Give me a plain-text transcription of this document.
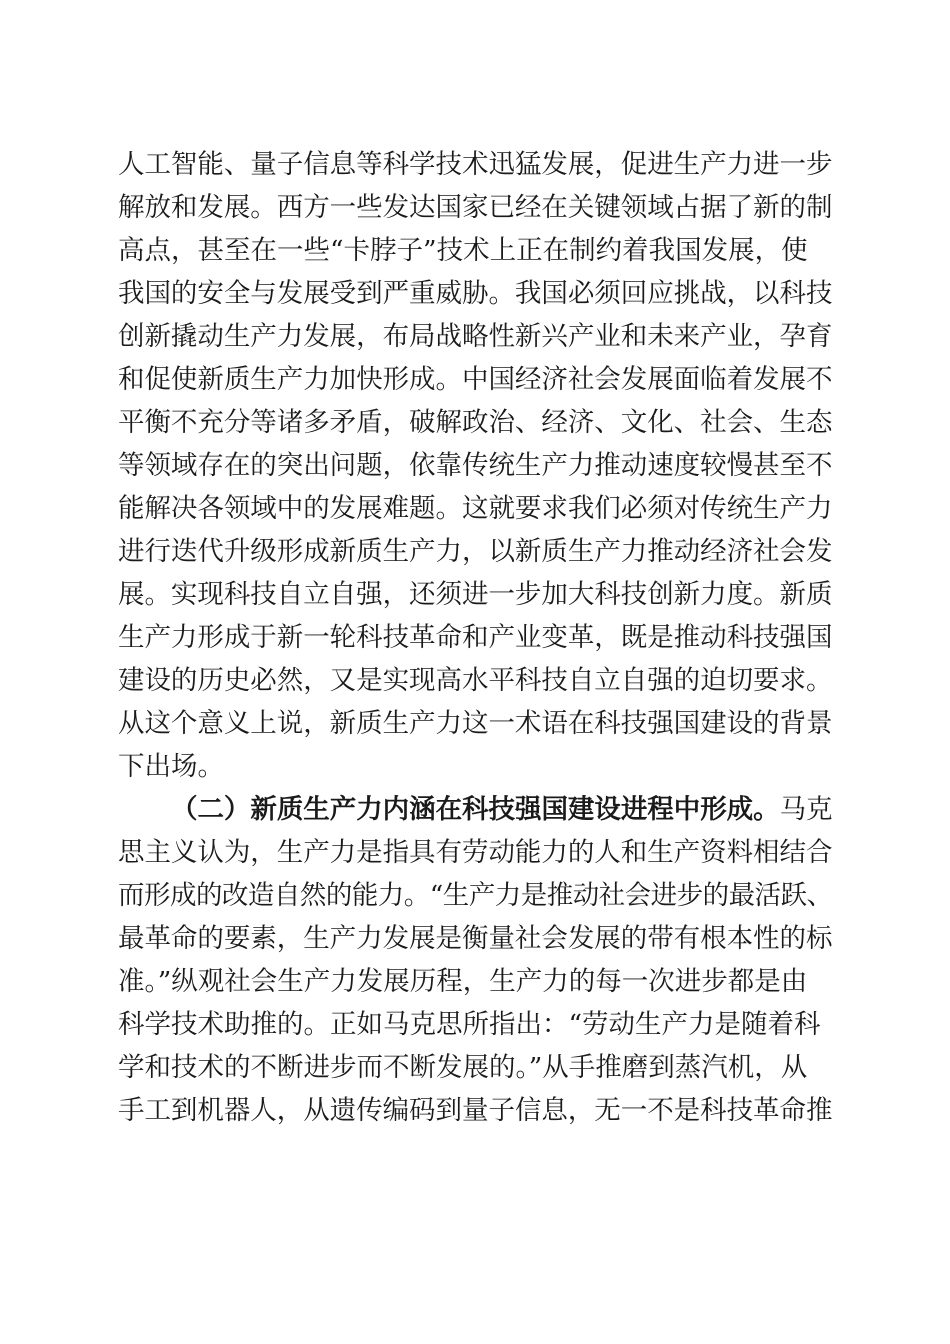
人工智能、量子信息等科学技术迅猛发展，促进生产力进一步
解放和发展。西方一些发达国家已经在关键领域占据了新的制
高点，甚至在一些“卡脖子”技术上正在制约着我国发展，使
我国的安全与发展受到严重威胁。我国必须回应挑战，以科技
创新撬动生产力发展，布局战略性新兴产业和未来产业，孕育
和促使新质生产力加快形成。中国经济社会发展面临着发展不
平衡不充分等诸多矛盾，破解政治、经济、文化、社会、生态
等领域存在的突出问题，依靠传统生产力推动速度较慢甚至不
能解决各领域中的发展难题。这就要求我们必须对传统生产力
进行迭代升级形成新质生产力，以新质生产力推动经济社会发
展。实现科技自立自强，还须进一步加大科技创新力度。新质
生产力形成于新一轮科技革命和产业变革，既是推动科技强国
建设的历史必然，又是实现高水平科技自立自强的迫切要求。
从这个意义上说，新质生产力这一术语在科技强国建设的背景
下出场。
（二）新质生产力内涵在科技强国建设进程中形成。马克
思主义认为，生产力是指具有劳动能力的人和生产资料相结合
而形成的改造自然的能力。“生产力是推动社会进步的最活跃、
最革命的要素，生产力发展是衡量社会发展的带有根本性的标
准。”纵观社会生产力发展历程，生产力的每一次进步都是由
科学技术助推的。正如马克思所指出：“劳动生产力是随着科
学和技术的不断进步而不断发展的。”从手推磨到蒸汽机，从
手工到机器人，从遗传编码到量子信息，无一不是科技革命推
